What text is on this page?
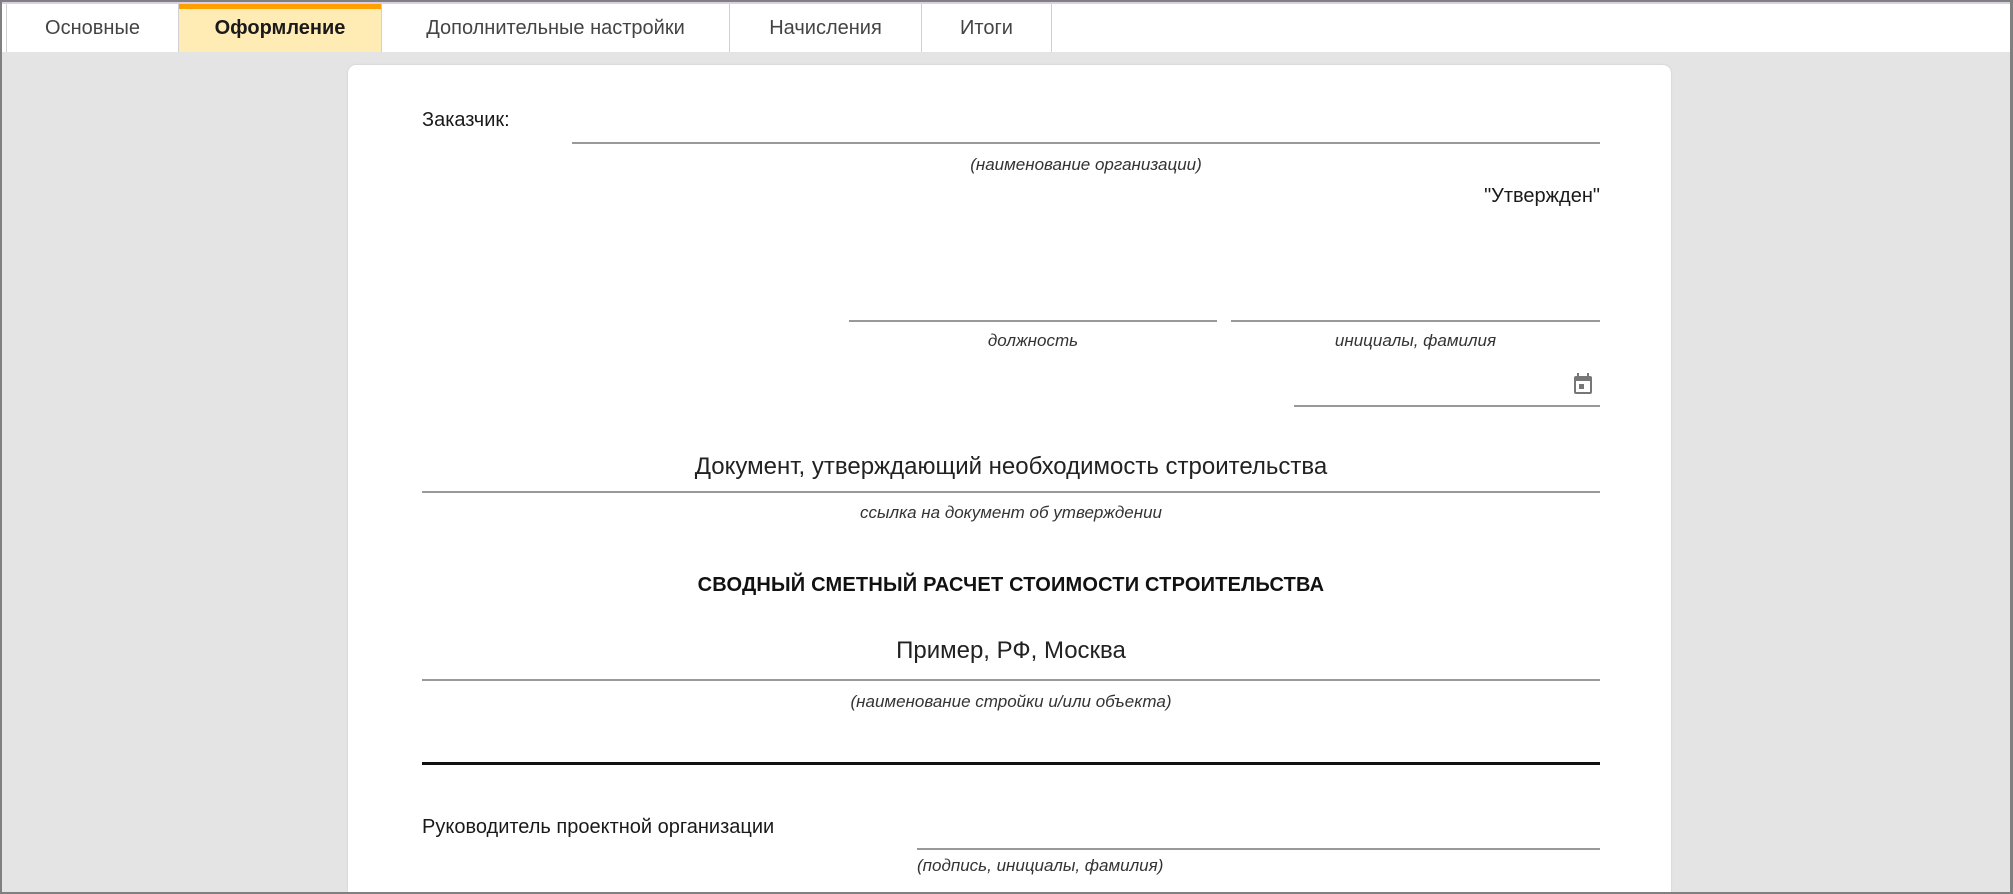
Основные	Оформление	Дополнительные настройки	Начисления	Итоги
Заказчик:
(наименование организации)
"Утвержден"
должность	инициалы, фамилия
Документ, утверждающий необходимость строительства
ссылка на документ об утверждении
СВОДНЫЙ СМЕТНЫЙ РАСЧЕТ СТОИМОСТИ СТРОИТЕЛЬСТВА
Пример, РФ, Москва
(наименование стройки и/или объекта)
Руководитель проектной организации
(подпись, инициалы, фамилия)
